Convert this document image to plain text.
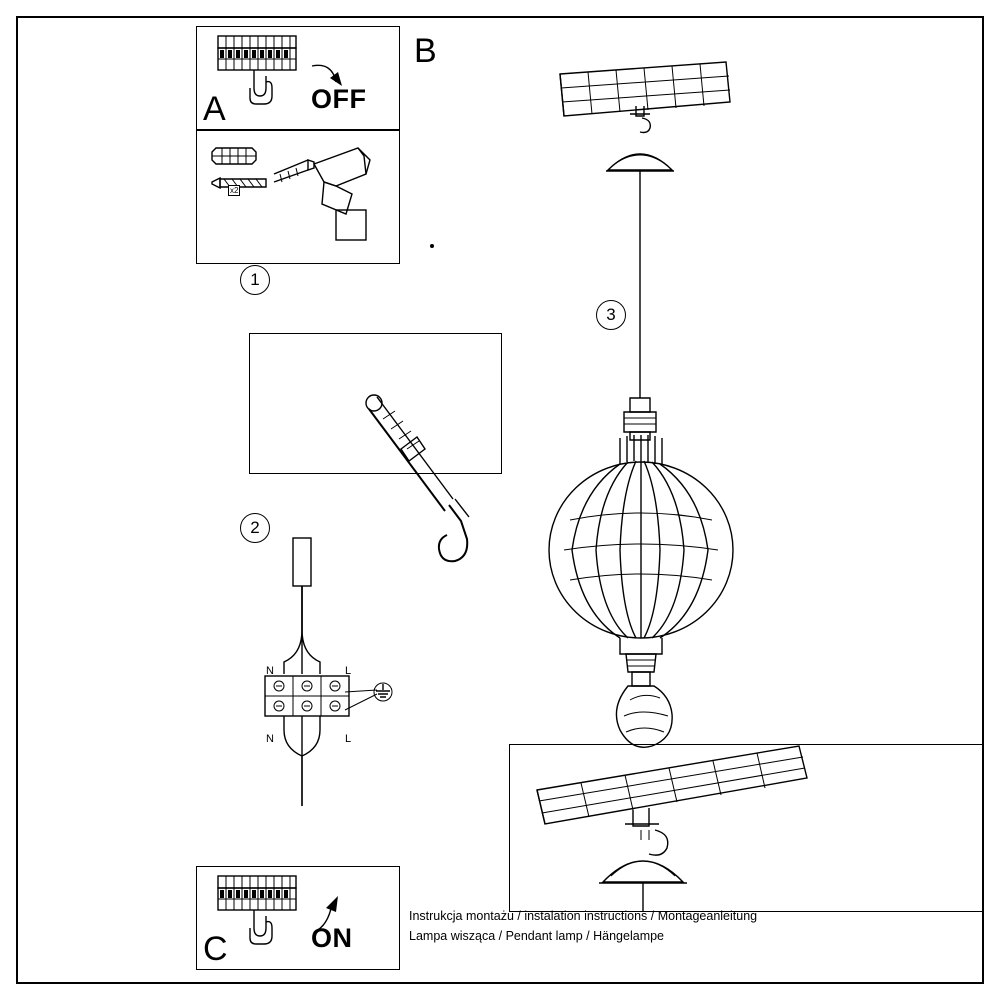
A	OFF
1
x2
2
N	L
N	L
C	ON
B
3
Instrukcja montażu / instalation instructions / Montageanleitung
Lampa wisząca / Pendant lamp / Hängelampe
